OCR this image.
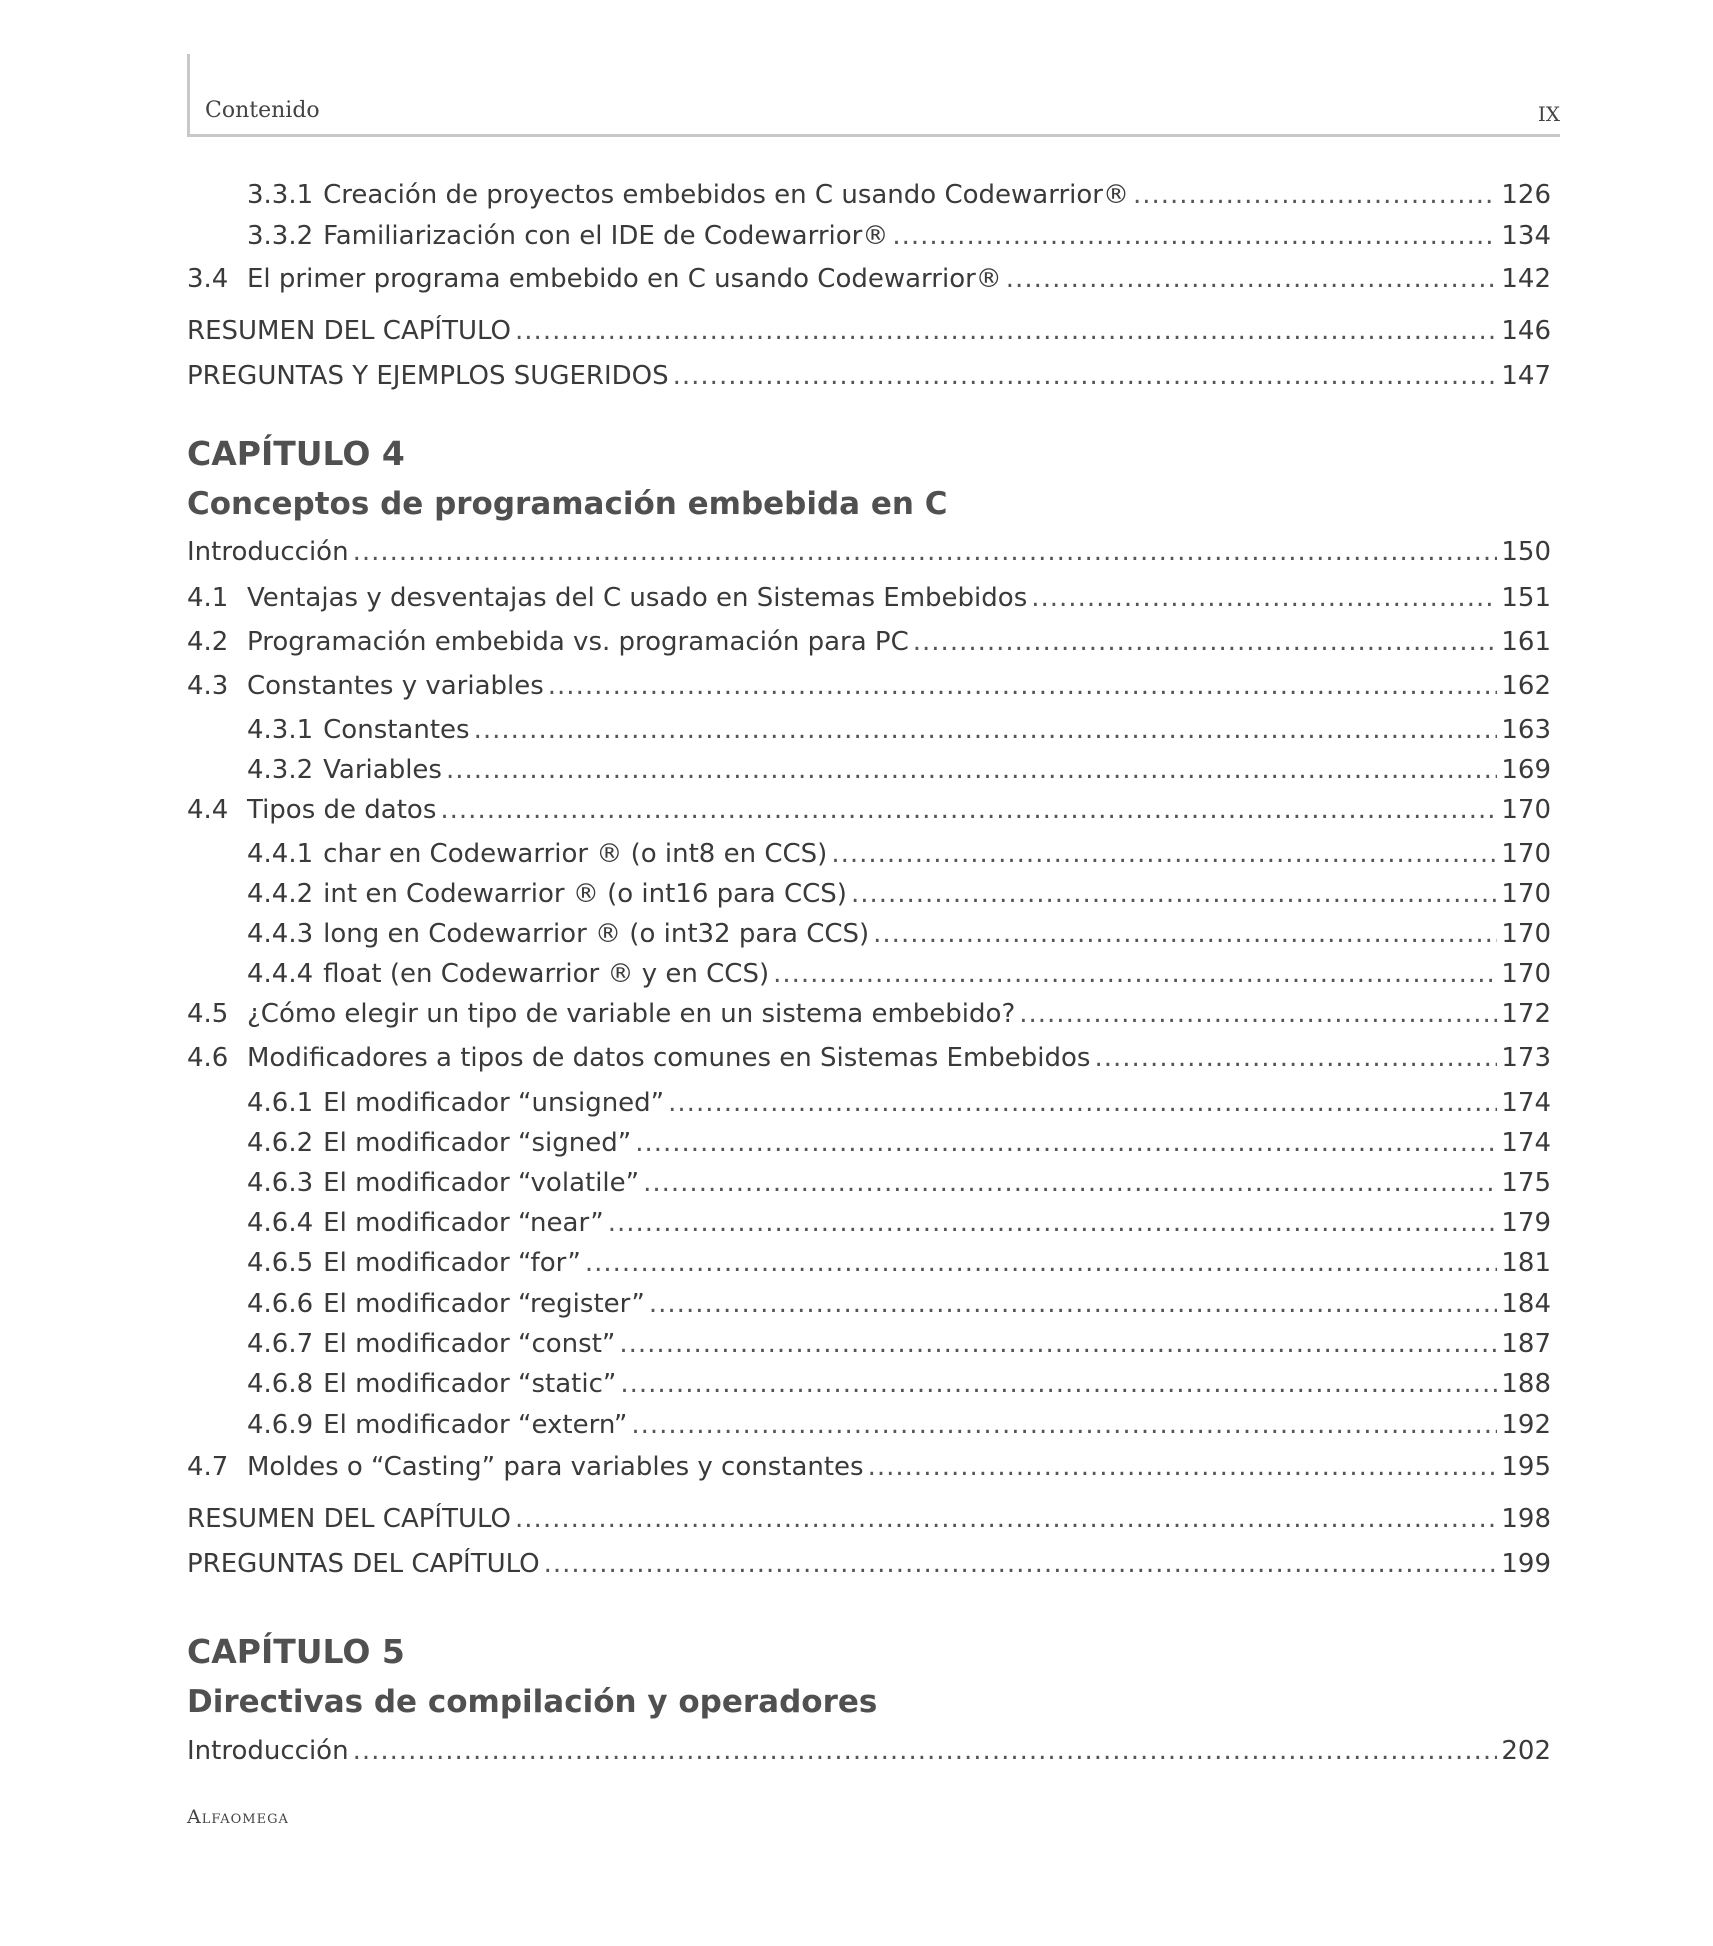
Contenido	IX
3.3.1 Creación de proyectos embebidos en C usando Codewarrior® .....	126
3.3.2 Familiarización con el IDE de Codewarrior® .....	134
3.4 El primer programa embebido en C usando Codewarrior® .....	142
RESUMEN DEL CAPÍTULO .....	146
PREGUNTAS Y EJEMPLOS SUGERIDOS .....	147
CAPÍTULO 4
Conceptos de programación embebida en C
Introducción .....	150
4.1 Ventajas y desventajas del C usado en Sistemas Embebidos .....	151
4.2 Programación embebida vs. programación para PC .....	161
4.3 Constantes y variables .....	162
4.3.1 Constantes .....	163
4.3.2 Variables .....	169
4.4 Tipos de datos .....	170
4.4.1 char en Codewarrior ® (o int8 en CCS) .....	170
4.4.2 int en Codewarrior ® (o int16 para CCS) .....	170
4.4.3 long en Codewarrior ® (o int32 para CCS) .....	170
4.4.4 float (en Codewarrior ® y en CCS) .....	170
4.5 ¿Cómo elegir un tipo de variable en un sistema embebido? .....	172
4.6 Modificadores a tipos de datos comunes en Sistemas Embebidos .....	173
4.6.1 El modificador “unsigned” .....	174
4.6.2 El modificador “signed” .....	174
4.6.3 El modificador “volatile” .....	175
4.6.4 El modificador “near” .....	179
4.6.5 El modificador “for” .....	181
4.6.6 El modificador “register” .....	184
4.6.7 El modificador “const” .....	187
4.6.8 El modificador “static” .....	188
4.6.9 El modificador “extern” .....	192
4.7 Moldes o “Casting” para variables y constantes .....	195
RESUMEN DEL CAPÍTULO .....	198
PREGUNTAS DEL CAPÍTULO .....	199
CAPÍTULO 5
Directivas de compilación y operadores
Introducción .....	202
Alfaomega
